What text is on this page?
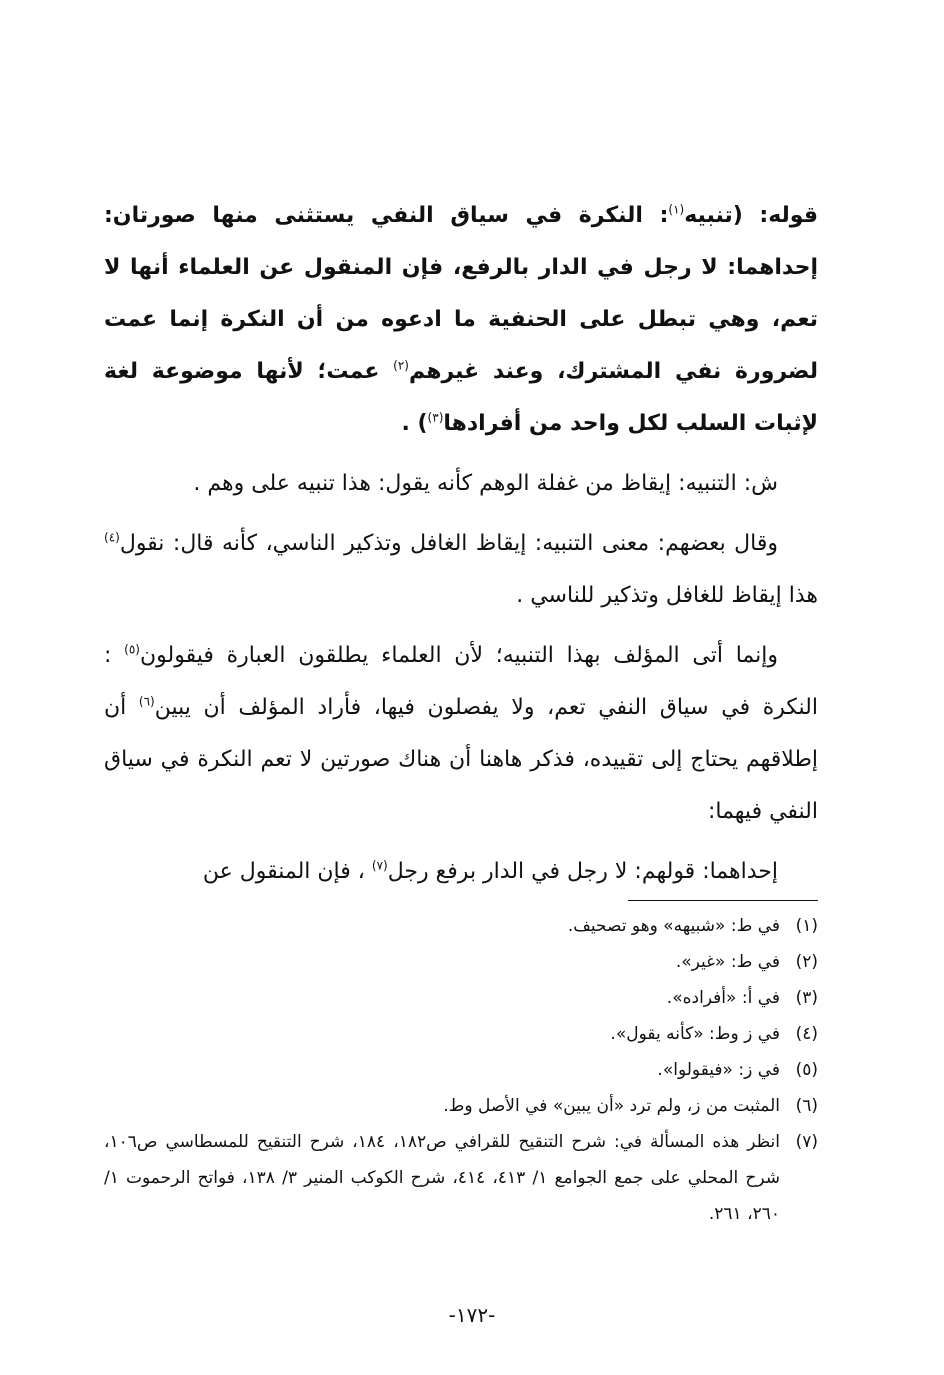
قوله: (تنبيه$^{(١)}$: النكرة في سياق النفي يستثنى منها صورتان: إحداهما: لا رجل في الدار بالرفع، فإن المنقول عن العلماء أنها لا تعم، وهي تبطل على الحنفية ما ادعوه من أن النكرة إنما عمت لضرورة نفي المشترك، وعند غيرهم$^{(٢)}$ عمت؛ لأنها موضوعة لغة لإثبات السلب لكل واحد من أفرادها$^{(٣)}$) .

ش: التنبيه: إيقاظ من غفلة الوهم كأنه يقول: هذا تنبيه على وهم .

وقال بعضهم: معنى التنبيه: إيقاظ الغافل وتذكير الناسي، كأنه قال: نقول$^{(٤)}$ هذا إيقاظ للغافل وتذكير للناسي .

وإنما أتى المؤلف بهذا التنبيه؛ لأن العلماء يطلقون العبارة فيقولون$^{(٥)}$ : النكرة في سياق النفي تعم، ولا يفصلون فيها، فأراد المؤلف أن يبين$^{(٦)}$ أن إطلاقهم يحتاج إلى تقييده، فذكر هاهنا أن هناك صورتين لا تعم النكرة في سياق النفي فيهما:

إحداهما: قولهم: لا رجل في الدار برفع رجل$^{(٧)}$ ، فإن المنقول عن

(١)
في ط: «شبيهه» وهو تصحيف.
(٢)
في ط: «غير».
(٣)
في أ: «أفراده».
(٤)
في ز وط: «كأنه يقول».
(٥)
في ز: «فيقولوا».
(٦)
المثبت من ز، ولم ترد «أن يبين» في الأصل وط.
(٧)
انظر هذه المسألة في: شرح التنقيح للقرافي ص١٨٢، ١٨٤، شرح التنقيح للمسطاسي ص١٠٦، شرح المحلي على جمع الجوامع ١/ ٤١٣، ٤١٤، شرح الكوكب المنير ٣/ ١٣٨، فواتح الرحموت ١/ ٢٦٠، ٢٦١.
-١٧٢-
